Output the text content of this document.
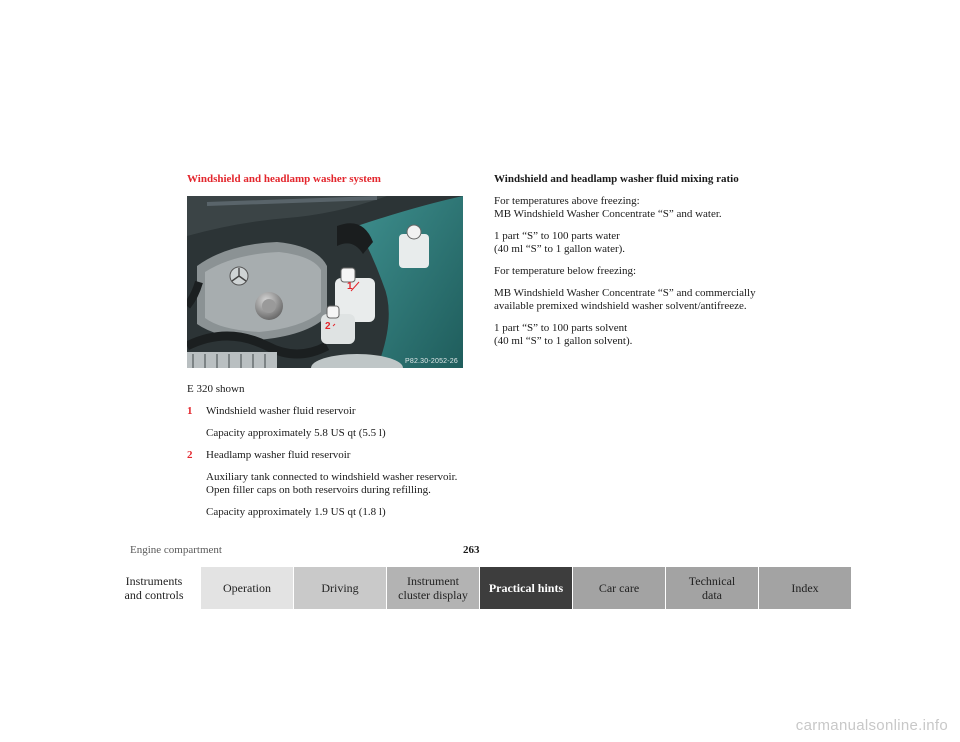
Windshield and headlamp washer system
1
2
P82.30-2052-26
E 320 shown

1 Windshield washer fluid reservoir

Capacity approximately 5.8 US qt (5.5 l)

2 Headlamp washer fluid reservoir

Auxiliary tank connected to windshield washer reservoir. Open filler caps on both reservoirs during refilling.

Capacity approximately 1.9 US qt (1.8 l)

Windshield and headlamp washer fluid mixing ratio

For temperatures above freezing:
MB Windshield Washer Concentrate “S” and water.

1 part “S” to 100 parts water
(40 ml “S” to 1 gallon water).

For temperature below freezing:

MB Windshield Washer Concentrate “S” and commercially available premixed windshield washer solvent/antifreeze.

1 part “S” to 100 parts solvent
(40 ml “S” to 1 gallon solvent).

Engine compartment	263
Instruments
and controls	Operation	Driving	Instrument
cluster display	Practical hints	Car care	Technical
data	Index
carmanualsonline.info
